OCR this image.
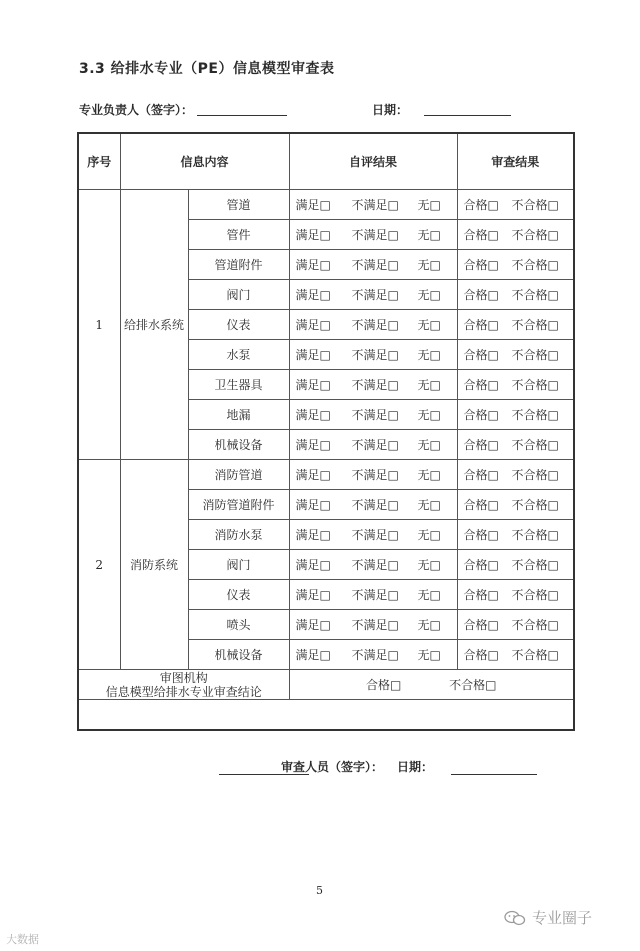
3.3 给排水专业（PE）信息模型审查表
专业负责人（签字）：	日期：
序号	信息内容		自评结果	审查结果
1	给排水系统	管道	满足□ 不满足□ 无□	合格□ 不合格□

		管件	满足□ 不满足□ 无□	合格□ 不合格□

		管道附件	满足□ 不满足□ 无□	合格□ 不合格□

		阀门	满足□ 不满足□ 无□	合格□ 不合格□

		仪表	满足□ 不满足□ 无□	合格□ 不合格□

		水泵	满足□ 不满足□ 无□	合格□ 不合格□

		卫生器具	满足□ 不满足□ 无□	合格□ 不合格□

		地漏	满足□ 不满足□ 无□	合格□ 不合格□

		机械设备	满足□ 不满足□ 无□	合格□ 不合格□

2	消防系统	消防管道	满足□ 不满足□ 无□	合格□ 不合格□

		消防管道附件	满足□ 不满足□ 无□	合格□ 不合格□

		消防水泵	满足□ 不满足□ 无□	合格□ 不合格□

		阀门	满足□ 不满足□ 无□	合格□ 不合格□

		仪表	满足□ 不满足□ 无□	合格□ 不合格□

		喷头	满足□ 不满足□ 无□	合格□ 不合格□

		机械设备	满足□ 不满足□ 无□	合格□ 不合格□

审图机构
信息模型给排水专业审查结论			合格□ 不合格□	

审查人员（签字）： 日期：				
5
专业圈子
大数据
